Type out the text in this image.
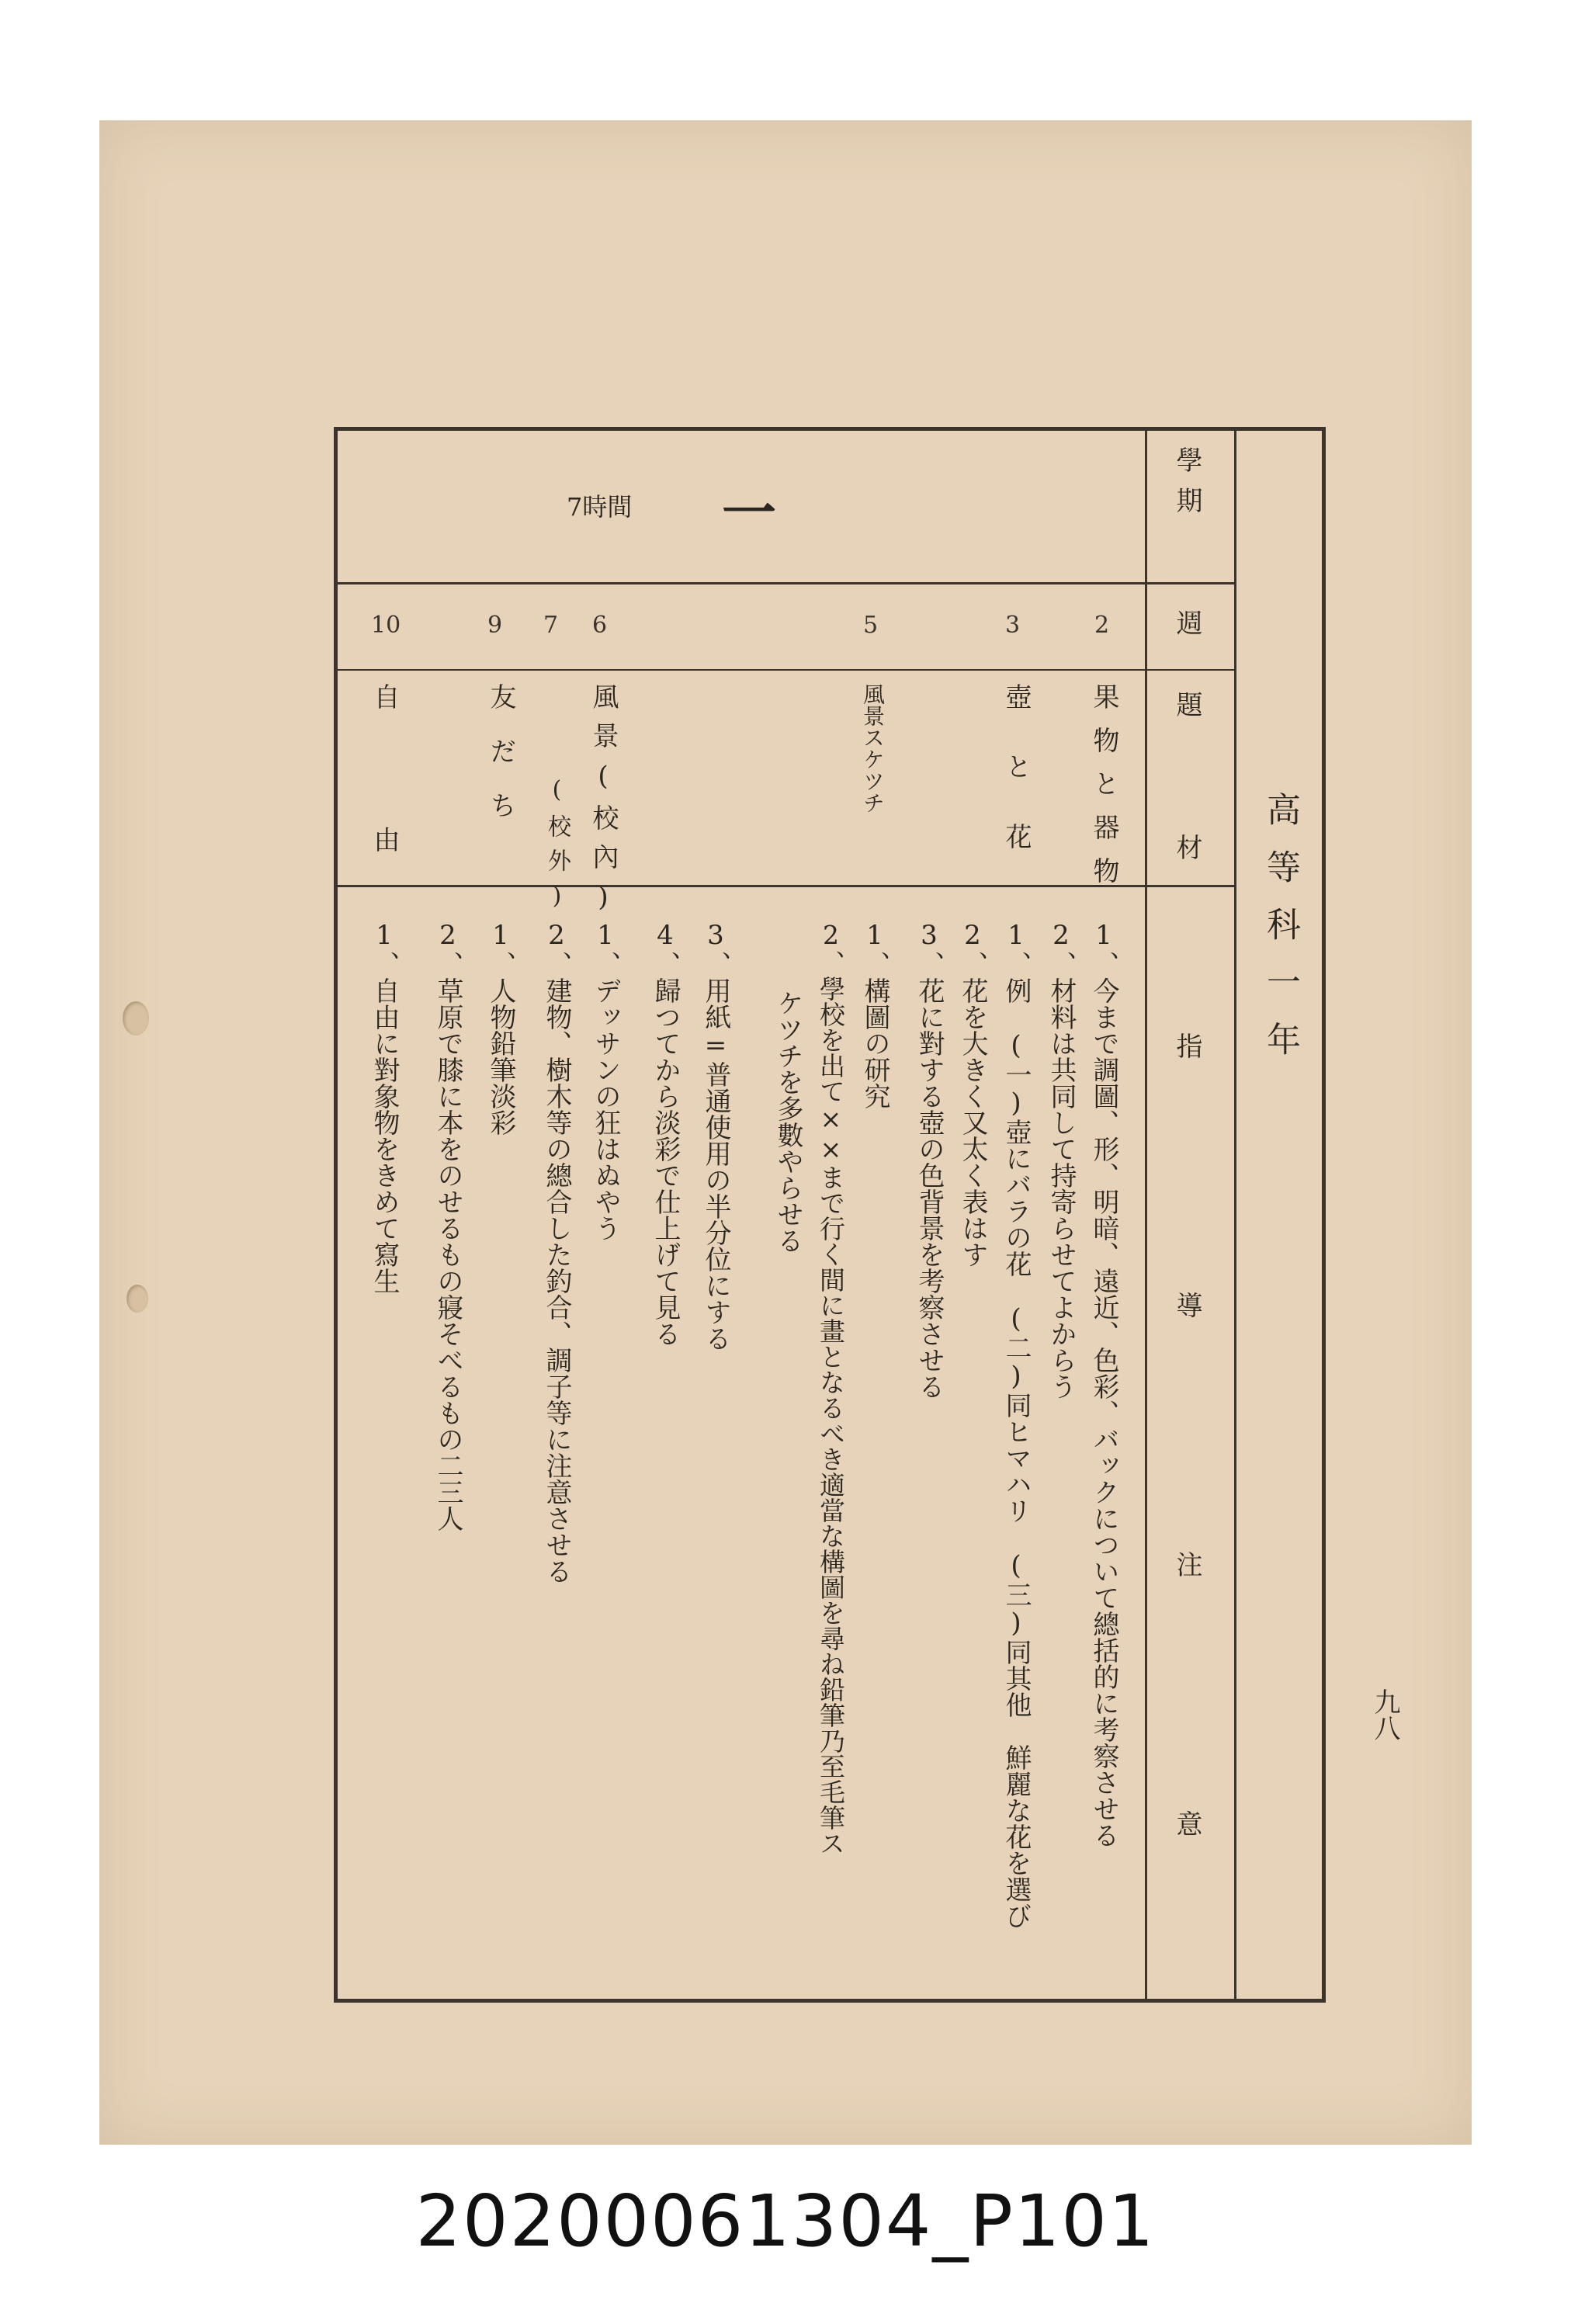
高等科一年
九八
學期
週
題材
指導注意
一
7時間
2
3
5
6
7
9
10
果物と器物
壺と花
風景スケツチ
風景(校內)
(校外)
友だち
自由
1、今まで調圖、形、明暗、遠近、色彩、バックについて總括的に考察させる
2、材料は共同して持寄らせてよからう
1、例　(一)壺にバラの花　(二)同ヒマハリ　(三)同其他　鮮麗な花を選び
2、花を大きく又太く表はす
3、花に對する壺の色背景を考察させる
1、構圖の研究
2、學校を出て××まで行く間に畫となるべき適當な構圖を尋ね鉛筆乃至毛筆ス
ケツチを多數やらせる
3、用紙=普通使用の半分位にする
4、歸つてから淡彩で仕上げて見る
1、デッサンの狂はぬやう
2、建物、樹木等の總合した釣合、調子等に注意させる
1、人物鉛筆淡彩
2、草原で膝に本をのせるもの寢そべるもの二三人
1、自由に對象物をきめて寫生
20200061304_P101
